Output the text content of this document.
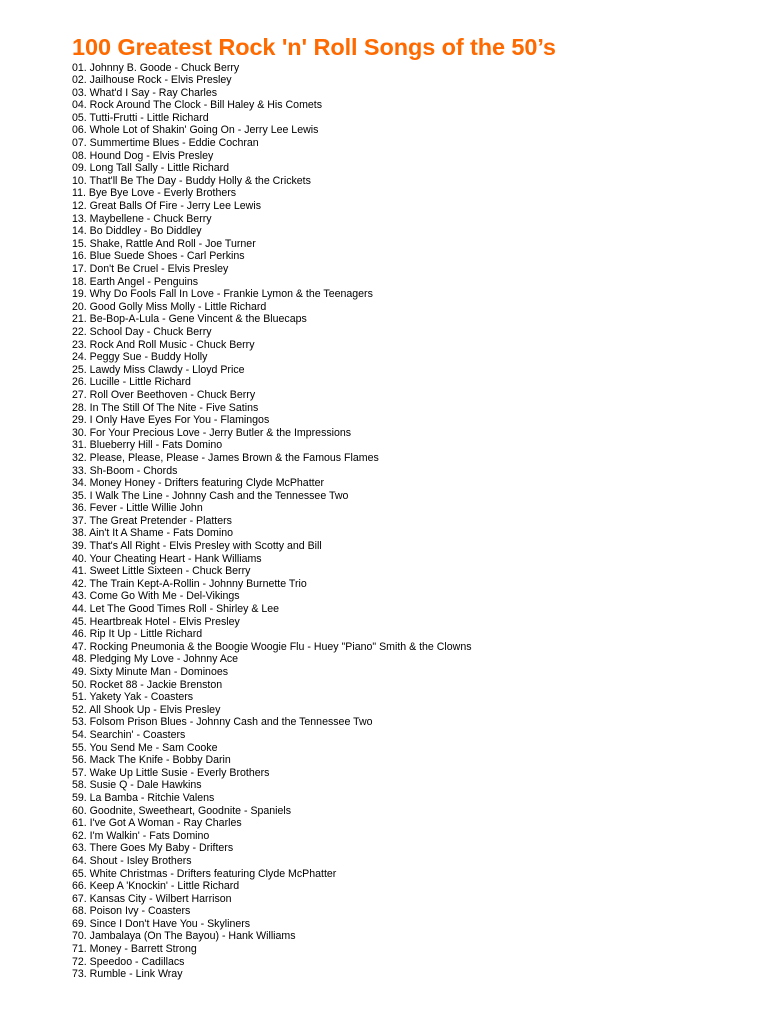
100 Greatest Rock 'n' Roll Songs of the 50’s
01. Johnny B. Goode - Chuck Berry
02. Jailhouse Rock - Elvis Presley
03. What'd I Say - Ray Charles
04. Rock Around The Clock - Bill Haley & His Comets
05. Tutti-Frutti - Little Richard
06. Whole Lot of Shakin' Going On - Jerry Lee Lewis
07. Summertime Blues - Eddie Cochran
08. Hound Dog - Elvis Presley
09. Long Tall Sally - Little Richard
10. That'll Be The Day - Buddy Holly & the Crickets
11. Bye Bye Love - Everly Brothers
12. Great Balls Of Fire - Jerry Lee Lewis
13. Maybellene - Chuck Berry
14. Bo Diddley - Bo Diddley
15. Shake, Rattle And Roll - Joe Turner
16. Blue Suede Shoes - Carl Perkins
17. Don't Be Cruel - Elvis Presley
18. Earth Angel - Penguins
19. Why Do Fools Fall In Love - Frankie Lymon & the Teenagers
20. Good Golly Miss Molly - Little Richard
21. Be-Bop-A-Lula - Gene Vincent & the Bluecaps
22. School Day - Chuck Berry
23. Rock And Roll Music - Chuck Berry
24. Peggy Sue - Buddy Holly
25. Lawdy Miss Clawdy - Lloyd Price
26. Lucille - Little Richard
27. Roll Over Beethoven - Chuck Berry
28. In The Still Of The Nite - Five Satins
29. I Only Have Eyes For You - Flamingos
30. For Your Precious Love - Jerry Butler & the Impressions
31. Blueberry Hill - Fats Domino
32. Please, Please, Please - James Brown & the Famous Flames
33. Sh-Boom - Chords
34. Money Honey - Drifters featuring Clyde McPhatter
35. I Walk The Line - Johnny Cash and the Tennessee Two
36. Fever - Little Willie John
37. The Great Pretender - Platters
38. Ain't It A Shame - Fats Domino
39. That's All Right - Elvis Presley with Scotty and Bill
40. Your Cheating Heart - Hank Williams
41. Sweet Little Sixteen - Chuck Berry
42. The Train Kept-A-Rollin - Johnny Burnette Trio
43. Come Go With Me - Del-Vikings
44. Let The Good Times Roll - Shirley & Lee
45. Heartbreak Hotel - Elvis Presley
46. Rip It Up - Little Richard
47. Rocking Pneumonia & the Boogie Woogie Flu - Huey "Piano" Smith & the Clowns
48. Pledging My Love - Johnny Ace
49. Sixty Minute Man - Dominoes
50. Rocket 88 - Jackie Brenston
51. Yakety Yak - Coasters
52. All Shook Up - Elvis Presley
53. Folsom Prison Blues - Johnny Cash and the Tennessee Two
54. Searchin' - Coasters
55. You Send Me - Sam Cooke
56. Mack The Knife - Bobby Darin
57. Wake Up Little Susie - Everly Brothers
58. Susie Q - Dale Hawkins
59. La Bamba - Ritchie Valens
60. Goodnite, Sweetheart, Goodnite - Spaniels
61. I've Got A Woman - Ray Charles
62. I'm Walkin' - Fats Domino
63. There Goes My Baby - Drifters
64. Shout - Isley Brothers
65. White Christmas - Drifters featuring Clyde McPhatter
66. Keep A 'Knockin' - Little Richard
67. Kansas City - Wilbert Harrison
68. Poison Ivy - Coasters
69. Since I Don't Have You - Skyliners
70. Jambalaya (On The Bayou) - Hank Williams
71. Money - Barrett Strong
72. Speedoo - Cadillacs
73. Rumble - Link Wray
